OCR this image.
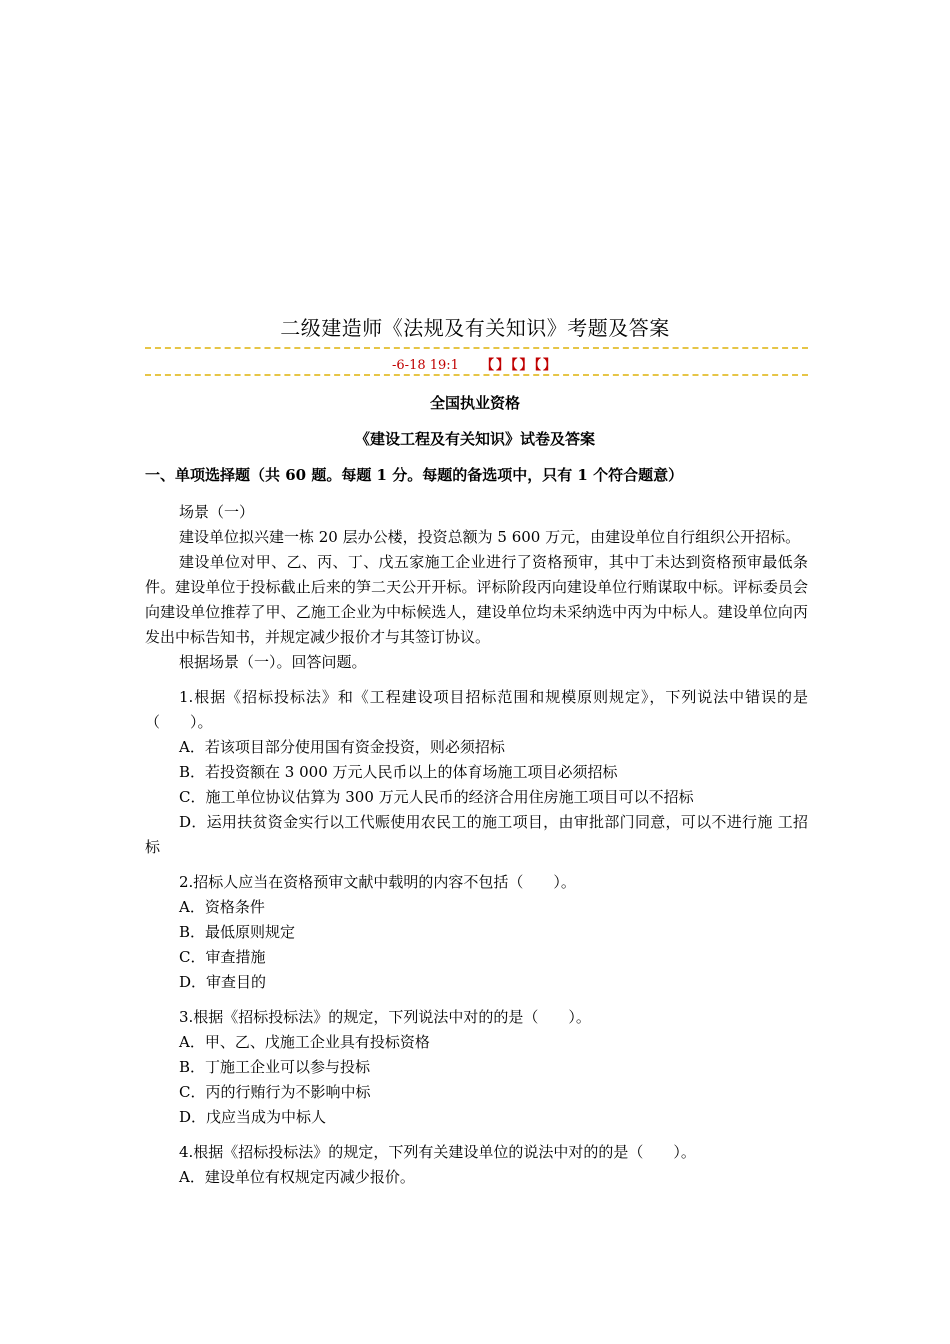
二级建造师《法规及有关知识》考题及答案
-6-18 19:1 【】【】【】
全国执业资格
《建设工程及有关知识》试卷及答案
一、单项选择题（共 60 题。每题 1 分。每题的备选项中，只有 1 个符合题意）

场景（一）

建设单位拟兴建一栋 20 层办公楼，投资总额为 5 600 万元，由建设单位自行组织公开招标。

建设单位对甲、乙、丙、丁、戊五家施工企业进行了资格预审，其中丁未达到资格预审最低条件。建设单位于投标截止后来的笋二天公开开标。评标阶段丙向建设单位行贿谋取中标。评标委员会向建设单位推荐了甲、乙施工企业为中标候选人，建设单位均未采纳选中丙为中标人。建设单位向丙发出中标告知书，并规定减少报价才与其签订协议。

根据场景（一）。回答问题。

1.根据《招标投标法》和《工程建设项目招标范围和规模原则规定》，下列说法中错误的是（　　）。

A．若该项目部分使用国有资金投资，则必须招标

B．若投资额在 3 000 万元人民币以上的体育场施工项目必须招标

C．施工单位协议估算为 300 万元人民币的经济合用住房施工项目可以不招标

D．运用扶贫资金实行以工代赈使用农民工的施工项目，由审批部门同意，可以不进行施 工招标

2.招标人应当在资格预审文献中载明的内容不包括（　　）。

A．资格条件

B．最低原则规定

C．审查措施

D．审查目的

3.根据《招标投标法》的规定，下列说法中对的的是（　　）。

A．甲、乙、戊施工企业具有投标资格

B．丁施工企业可以参与投标

C．丙的行贿行为不影响中标

D．戊应当成为中标人

4.根据《招标投标法》的规定，下列有关建设单位的说法中对的的是（　　）。

A．建设单位有权规定丙减少报价。
